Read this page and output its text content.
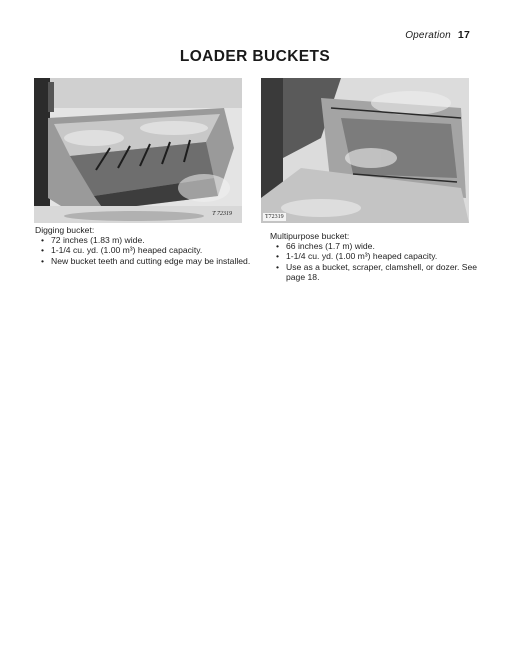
Operation 17
LOADER BUCKETS
T 72319	T72319
Digging bucket:
• 72 inches (1.83 m) wide.
• 1-1/4 cu. yd. (1.00 m³) heaped capacity.
• New bucket teeth and cutting edge may be installed.
Multipurpose bucket:
• 66 inches (1.7 m) wide.
• 1-1/4 cu. yd. (1.00 m³) heaped capacity.
• Use as a bucket, scraper, clamshell, or dozer. See page 18.
